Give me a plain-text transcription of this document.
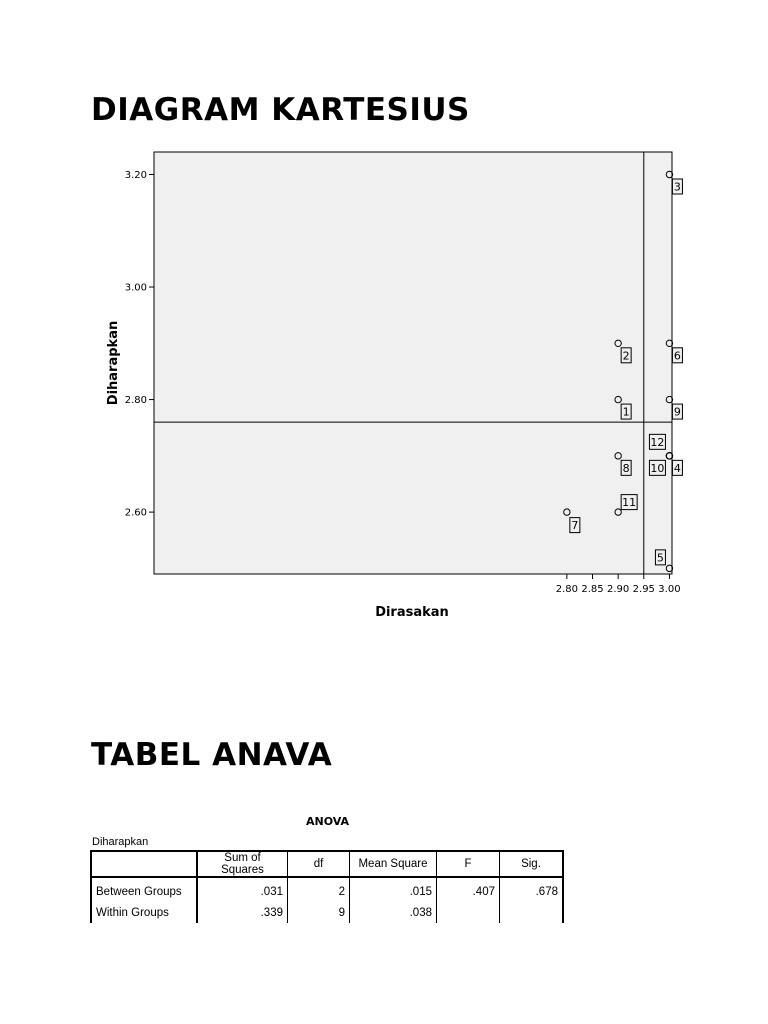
DIAGRAM KARTESIUS
2.60
2.80
3.00
3.20
2.80 2.85 2.90 2.95 3.00
Dirasakan
Diharapkan
1
2
3
4
5
6
7
8
9
10
11
12
TABEL ANAVA
ANOVA
Diharapkan
	Sum of Squares	df	Mean Square	F	Sig.
Between Groups	.031	2	.015	.407	.678
Within Groups	.339	9	.038		
